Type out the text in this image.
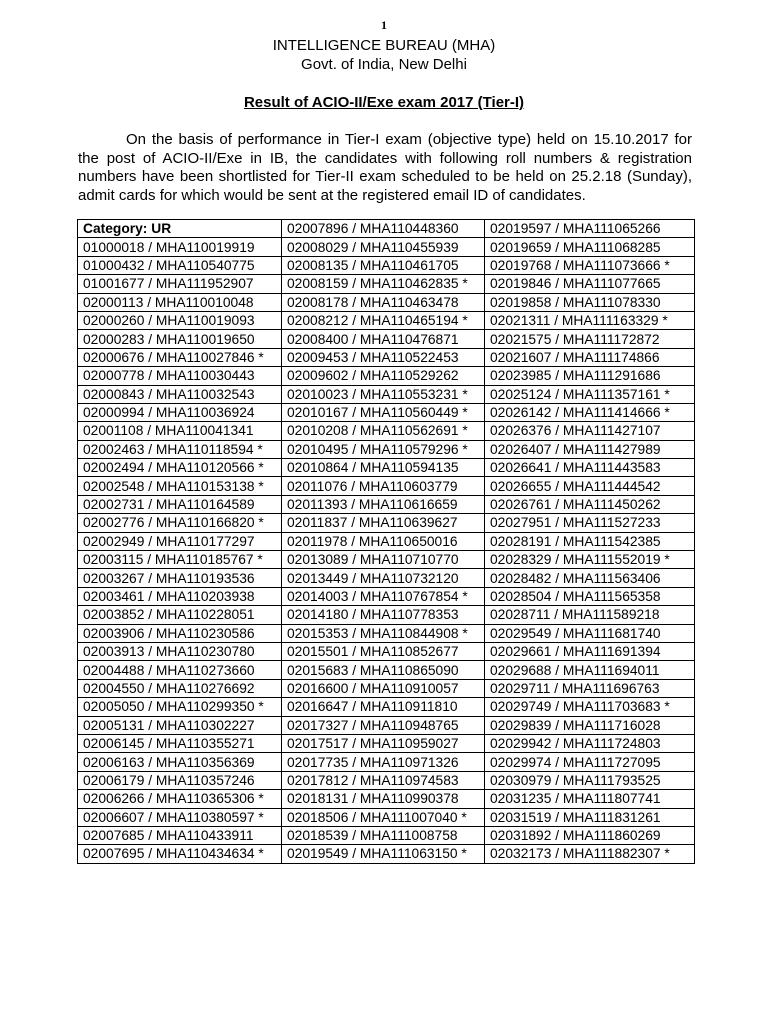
1
INTELLIGENCE BUREAU (MHA)
Govt. of India, New Delhi
Result of ACIO-II/Exe exam 2017 (Tier-I)
On the basis of performance in Tier-I exam (objective type) held on 15.10.2017 for the post of ACIO-II/Exe in IB, the candidates with following roll numbers & registration numbers have been shortlisted for Tier-II exam scheduled to be held on 25.2.18 (Sunday), admit cards for which would be sent at the registered email ID of candidates.
Category: UR	02007896 / MHA110448360	02019597 / MHA111065266
01000018 / MHA110019919	02008029 / MHA110455939	02019659 / MHA111068285
01000432 / MHA110540775	02008135 / MHA110461705	02019768 / MHA111073666 *
01001677 / MHA111952907	02008159 / MHA110462835 *	02019846 / MHA111077665
02000113 / MHA110010048	02008178 / MHA110463478	02019858 / MHA111078330
02000260 / MHA110019093	02008212 / MHA110465194 *	02021311 / MHA111163329 *
02000283 / MHA110019650	02008400 / MHA110476871	02021575 / MHA111172872
02000676 / MHA110027846 *	02009453 / MHA110522453	02021607 / MHA111174866
02000778 / MHA110030443	02009602 / MHA110529262	02023985 / MHA111291686
02000843 / MHA110032543	02010023 / MHA110553231 *	02025124 / MHA111357161 *
02000994 / MHA110036924	02010167 / MHA110560449 *	02026142 / MHA111414666 *
02001108 / MHA110041341	02010208 / MHA110562691 *	02026376 / MHA111427107
02002463 / MHA110118594 *	02010495 / MHA110579296 *	02026407 / MHA111427989
02002494 / MHA110120566 *	02010864 / MHA110594135	02026641 / MHA111443583
02002548 / MHA110153138 *	02011076 / MHA110603779	02026655 / MHA111444542
02002731 / MHA110164589	02011393 / MHA110616659	02026761 / MHA111450262
02002776 / MHA110166820 *	02011837 / MHA110639627	02027951 / MHA111527233
02002949 / MHA110177297	02011978 / MHA110650016	02028191 / MHA111542385
02003115 / MHA110185767 *	02013089 / MHA110710770	02028329 / MHA111552019 *
02003267 / MHA110193536	02013449 / MHA110732120	02028482 / MHA111563406
02003461 / MHA110203938	02014003 / MHA110767854 *	02028504 / MHA111565358
02003852 / MHA110228051	02014180 / MHA110778353	02028711 / MHA111589218
02003906 / MHA110230586	02015353 / MHA110844908 *	02029549 / MHA111681740
02003913 / MHA110230780	02015501 / MHA110852677	02029661 / MHA111691394
02004488 / MHA110273660	02015683 / MHA110865090	02029688 / MHA111694011
02004550 / MHA110276692	02016600 / MHA110910057	02029711 / MHA111696763
02005050 / MHA110299350 *	02016647 / MHA110911810	02029749 / MHA111703683 *
02005131 / MHA110302227	02017327 / MHA110948765	02029839 / MHA111716028
02006145 / MHA110355271	02017517 / MHA110959027	02029942 / MHA111724803
02006163 / MHA110356369	02017735 / MHA110971326	02029974 / MHA111727095
02006179 / MHA110357246	02017812 / MHA110974583	02030979 / MHA111793525
02006266 / MHA110365306 *	02018131 / MHA110990378	02031235 / MHA111807741
02006607 / MHA110380597 *	02018506 / MHA111007040 *	02031519 / MHA111831261
02007685 / MHA110433911	02018539 / MHA111008758	02031892 / MHA111860269
02007695 / MHA110434634 *	02019549 / MHA111063150 *	02032173 / MHA111882307 *
